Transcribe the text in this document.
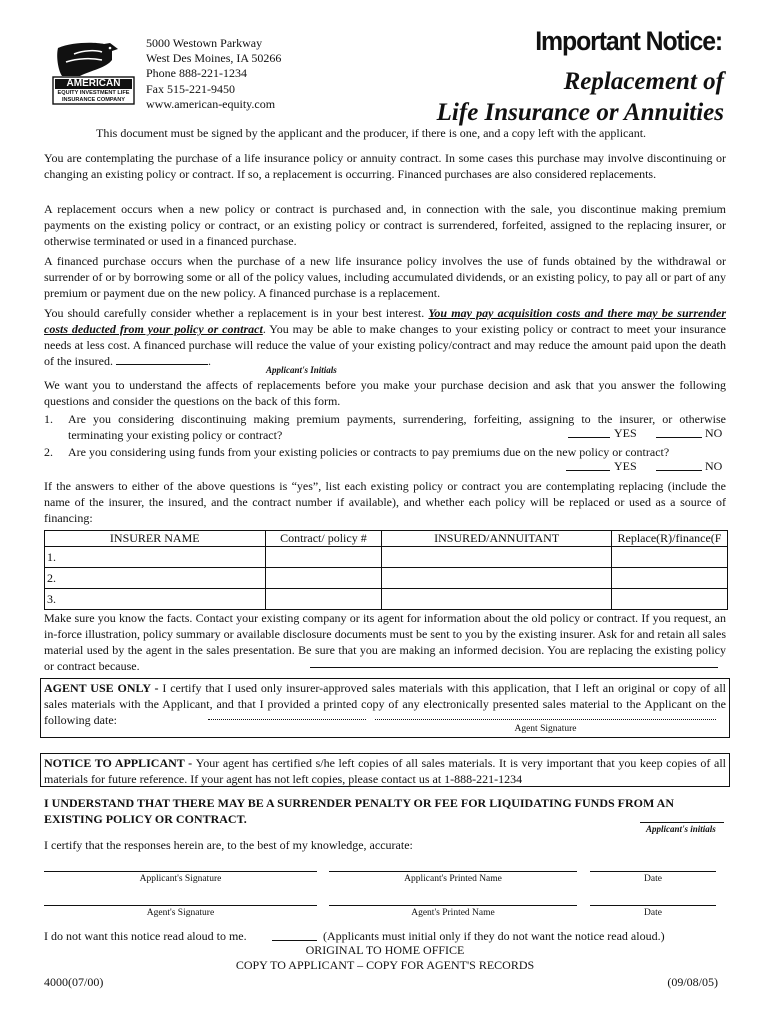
AMERICAN
EQUITY INVESTMENT LIFE
INSURANCE COMPANY
5000 Westown Parkway
West Des Moines, IA 50266
Phone 888-221-1234
Fax 515-221-9450
www.american-equity.com
Important Notice:
Replacement of
Life Insurance or Annuities
This document must be signed by the applicant and the producer, if there is one, and a copy left with the applicant.

You are contemplating the purchase of a life insurance policy or annuity contract. In some cases this purchase may involve discontinuing or changing an existing policy or contract. If so, a replacement is occurring. Financed purchases are also considered replacements.

A replacement occurs when a new policy or contract is purchased and, in connection with the sale, you discontinue making premium payments on the existing policy or contract, or an existing policy or contract is surrendered, forfeited, assigned to the replacing insurer, or otherwise terminated or used in a financed purchase.

A financed purchase occurs when the purchase of a new life insurance policy involves the use of funds obtained by the withdrawal or surrender of or by borrowing some or all of the policy values, including accumulated dividends, or an existing policy, to pay all or part of any premium or payment due on the new policy. A financed purchase is a replacement.

You should carefully consider whether a replacement is in your best interest. You may pay acquisition costs and there may be surrender costs deducted from your policy or contract. You may be able to make changes to your existing policy or contract to meet your insurance needs at less cost. A financed purchase will reduce the value of your existing policy/contract and may reduce the amount paid upon the death of the insured.	.

Applicant's Initials

We want you to understand the affects of replacements before you make your purchase decision and ask that you answer the following questions and consider the questions on the back of this form.

1. Are you considering discontinuing making premium payments, surrendering, forfeiting, assigning to the insurer, or otherwise terminating your existing policy or contract?	YES	NO
2. Are you considering using funds from your existing policies or contracts to pay premiums due on the new policy or contract?
YES	NO

If the answers to either of the above questions is “yes”, list each existing policy or contract you are contemplating replacing (include the name of the insurer, the insured, and the contract number if available), and whether each policy will be replaced or used as a source of financing:

INSURER NAME	Contract/ policy #	INSURED/ANNUITANT	Replace(R)/finance(F
1.			
2.			
3.			

Make sure you know the facts. Contact your existing company or its agent for information about the old policy or contract. If you request, an in-force illustration, policy summary or available disclosure documents must be sent to you by the existing insurer. Ask for and retain all sales material used by the agent in the sales presentation. Be sure that you are making an informed decision. You are replacing the existing policy or contract because.

AGENT USE ONLY - I certify that I used only insurer-approved sales materials with this application, that I left an original or copy of all sales materials with the Applicant, and that I provided a printed copy of any electronically presented sales material to the Applicant on the following date:

Agent Signature

NOTICE TO APPLICANT - Your agent has certified s/he left copies of all sales materials. It is very important that you keep copies of all materials for future reference. If your agent has not left copies, please contact us at 1-888-221-1234

I UNDERSTAND THAT THERE MAY BE A SURRENDER PENALTY OR FEE FOR LIQUIDATING FUNDS FROM AN EXISTING POLICY OR CONTRACT.

Applicant's initials
I certify that the responses herein are, to the best of my knowledge, accurate:
Applicant's Signature	Applicant's Printed Name	Date
Agent's Signature	Agent's Printed Name	Date
I do not want this notice read aloud to me.	(Applicants must initial only if they do not want the notice read aloud.)
ORIGINAL TO HOME OFFICE
COPY TO APPLICANT – COPY FOR AGENT'S RECORDS
4000(07/00)	(09/08/05)
